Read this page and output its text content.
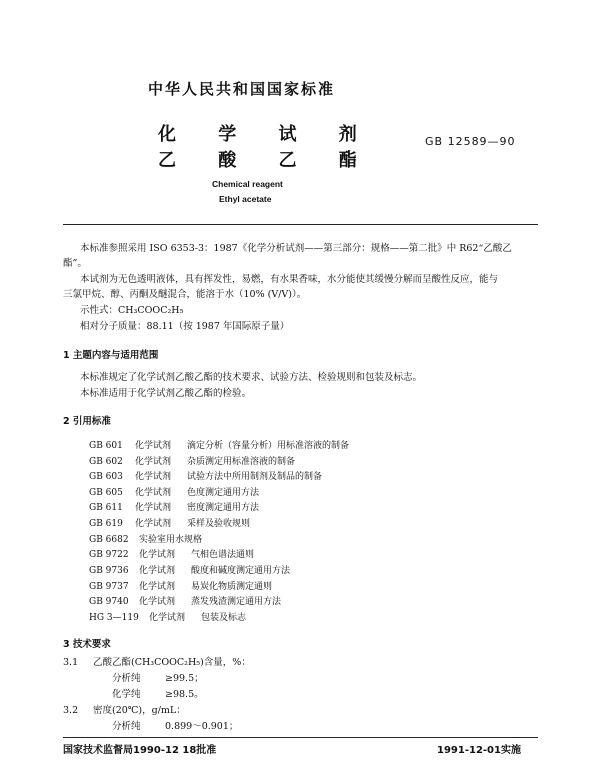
中华人民共和国国家标准
化 学 试 剂
乙 酸 乙 酯
GB 12589—90
Chemical reagent
Ethyl acetate
本标准参照采用 ISO 6353-3：1987《化学分析试剂——第三部分：规格——第二批》中 R62“乙酸乙
酯”。
本试剂为无色透明液体，具有挥发性，易燃，有水果香味，水分能使其缓慢分解而呈酸性反应，能与
三氯甲烷、醇、丙酮及醚混合，能溶于水（10% (V/V)）。
示性式：CH₃COOC₂H₅
相对分子质量：88.11（按 1987 年国际原子量）
1 主题内容与适用范围
本标准规定了化学试剂乙酸乙酯的技术要求、试验方法、检验规则和包装及标志。
本标准适用于化学试剂乙酸乙酯的检验。
2 引用标准
GB 601 化学试剂 滴定分析（容量分析）用标准溶液的制备
GB 602 化学试剂 杂质测定用标准溶液的制备
GB 603 化学试剂 试验方法中所用制剂及制品的制备
GB 605 化学试剂 色度测定通用方法
GB 611 化学试剂 密度测定通用方法
GB 619 化学试剂 采样及验收规则
GB 6682 实验室用水规格
GB 9722 化学试剂 气相色谱法通则
GB 9736 化学试剂 酸度和碱度测定通用方法
GB 9737 化学试剂 易炭化物质测定通则
GB 9740 化学试剂 蒸发残渣测定通用方法
HG 3—119 化学试剂 包装及标志
3 技术要求
3.1 乙酸乙酯(CH₃COOC₂H₅)含量，%：
分析纯	≥99.5；
化学纯	≥98.5。
3.2 密度(20℃)，g/mL：
分析纯	0.899～0.901；
国家技术监督局1990-12 18批准	1991-12-01实施
